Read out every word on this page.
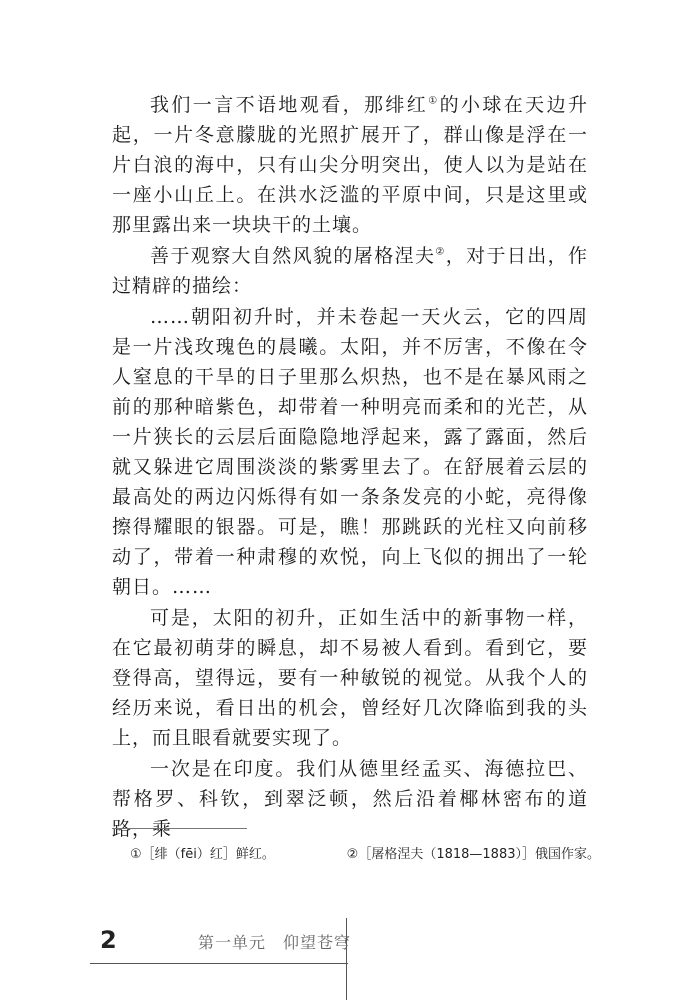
我们一言不语地观看，那绯红①的小球在天边升起，一片冬意朦胧的光照扩展开了，群山像是浮在一片白浪的海中，只有山尖分明突出，使人以为是站在一座小山丘上。在洪水泛滥的平原中间，只是这里或那里露出来一块块干的土壤。

善于观察大自然风貌的屠格涅夫②，对于日出，作过精辟的描绘：

……朝阳初升时，并未卷起一天火云，它的四周是一片浅玫瑰色的晨曦。太阳，并不厉害，不像在令人窒息的干旱的日子里那么炽热，也不是在暴风雨之前的那种暗紫色，却带着一种明亮而柔和的光芒，从一片狭长的云层后面隐隐地浮起来，露了露面，然后就又躲进它周围淡淡的紫雾里去了。在舒展着云层的最高处的两边闪烁得有如一条条发亮的小蛇，亮得像擦得耀眼的银器。可是，瞧！那跳跃的光柱又向前移动了，带着一种肃穆的欢悦，向上飞似的拥出了一轮朝日。……

可是，太阳的初升，正如生活中的新事物一样，在它最初萌芽的瞬息，却不易被人看到。看到它，要登得高，望得远，要有一种敏锐的视觉。从我个人的经历来说，看日出的机会，曾经好几次降临到我的头上，而且眼看就要实现了。

一次是在印度。我们从德里经孟买、海德拉巴、帮格罗、科钦，到翠泛顿，然后沿着椰林密布的道路，乘

①［绯（fēi）红］鲜红。	②［屠格涅夫（1818—1883）］俄国作家。
2	第一单元　仰望苍穹
